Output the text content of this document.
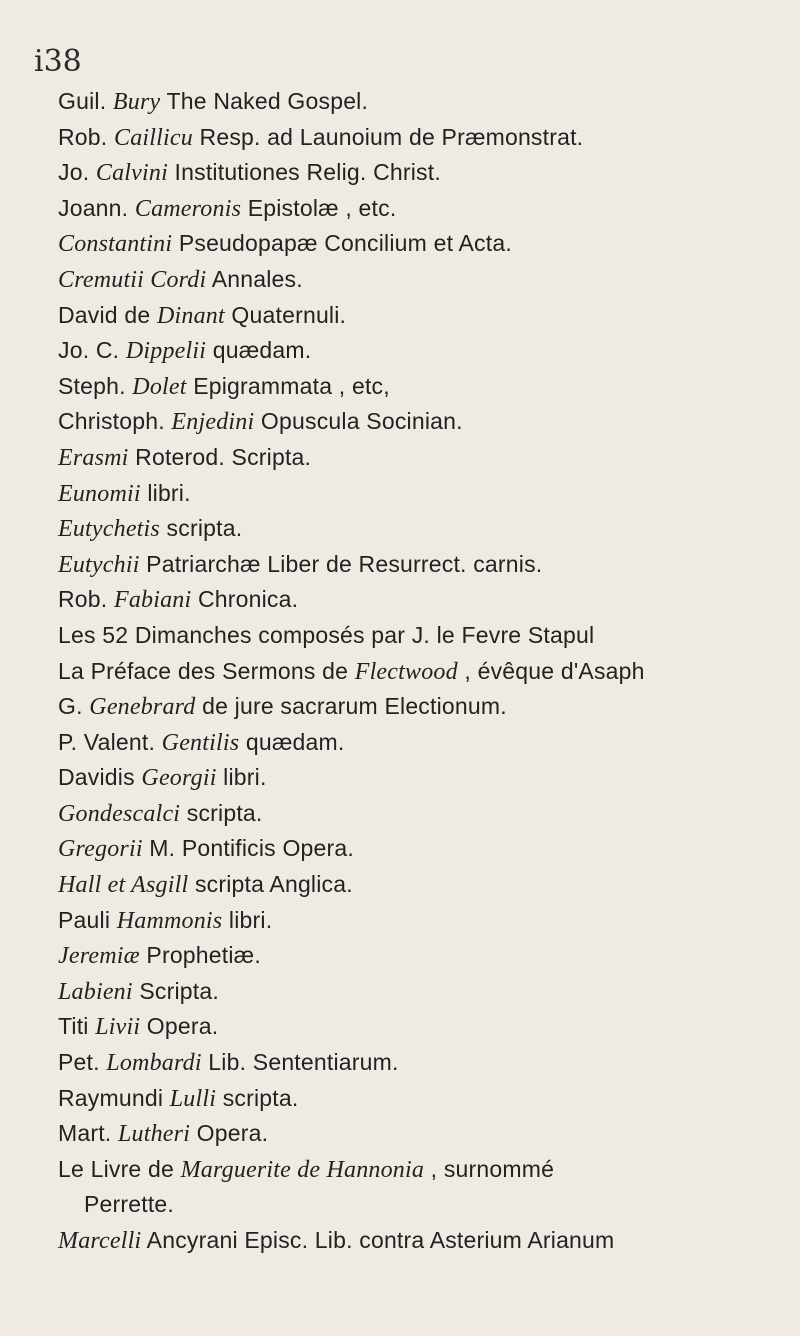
i38
Guil. Bury The Naked Gospel.
Rob. Caillicu Resp. ad Launoium de Præmonstrat.
Jo. Calvini Institutiones Relig. Christ.
Joann. Cameronis Epistolæ , etc.
Constantini Pseudopapæ Concilium et Acta.
Cremutii Cordi Annales.
David de Dinant Quaternuli.
Jo. C. Dippelii quædam.
Steph. Dolet Epigrammata , etc,
Christoph. Enjedini Opuscula Socinian.
Erasmi Roterod. Scripta.
Eunomii libri.
Eutychetis scripta.
Eutychii Patriarchæ Liber de Resurrect. carnis.
Rob. Fabiani Chronica.
Les 52 Dimanches composés par J. le Fevre Stapul
La Préface des Sermons de Flectwood , évêque d'Asaph
G. Genebrard de jure sacrarum Electionum.
P. Valent. Gentilis quædam.
Davidis Georgii libri.
Gondescalci scripta.
Gregorii M. Pontificis Opera.
Hall et Asgill scripta Anglica.
Pauli Hammonis libri.
Jeremiæ Prophetiæ.
Labieni Scripta.
Titi Livii Opera.
Pet. Lombardi Lib. Sententiarum.
Raymundi Lulli scripta.
Mart. Lutheri Opera.
Le Livre de Marguerite de Hannonia , surnommé
Perrette.
Marcelli Ancyrani Episc. Lib. contra Asterium Arianum
